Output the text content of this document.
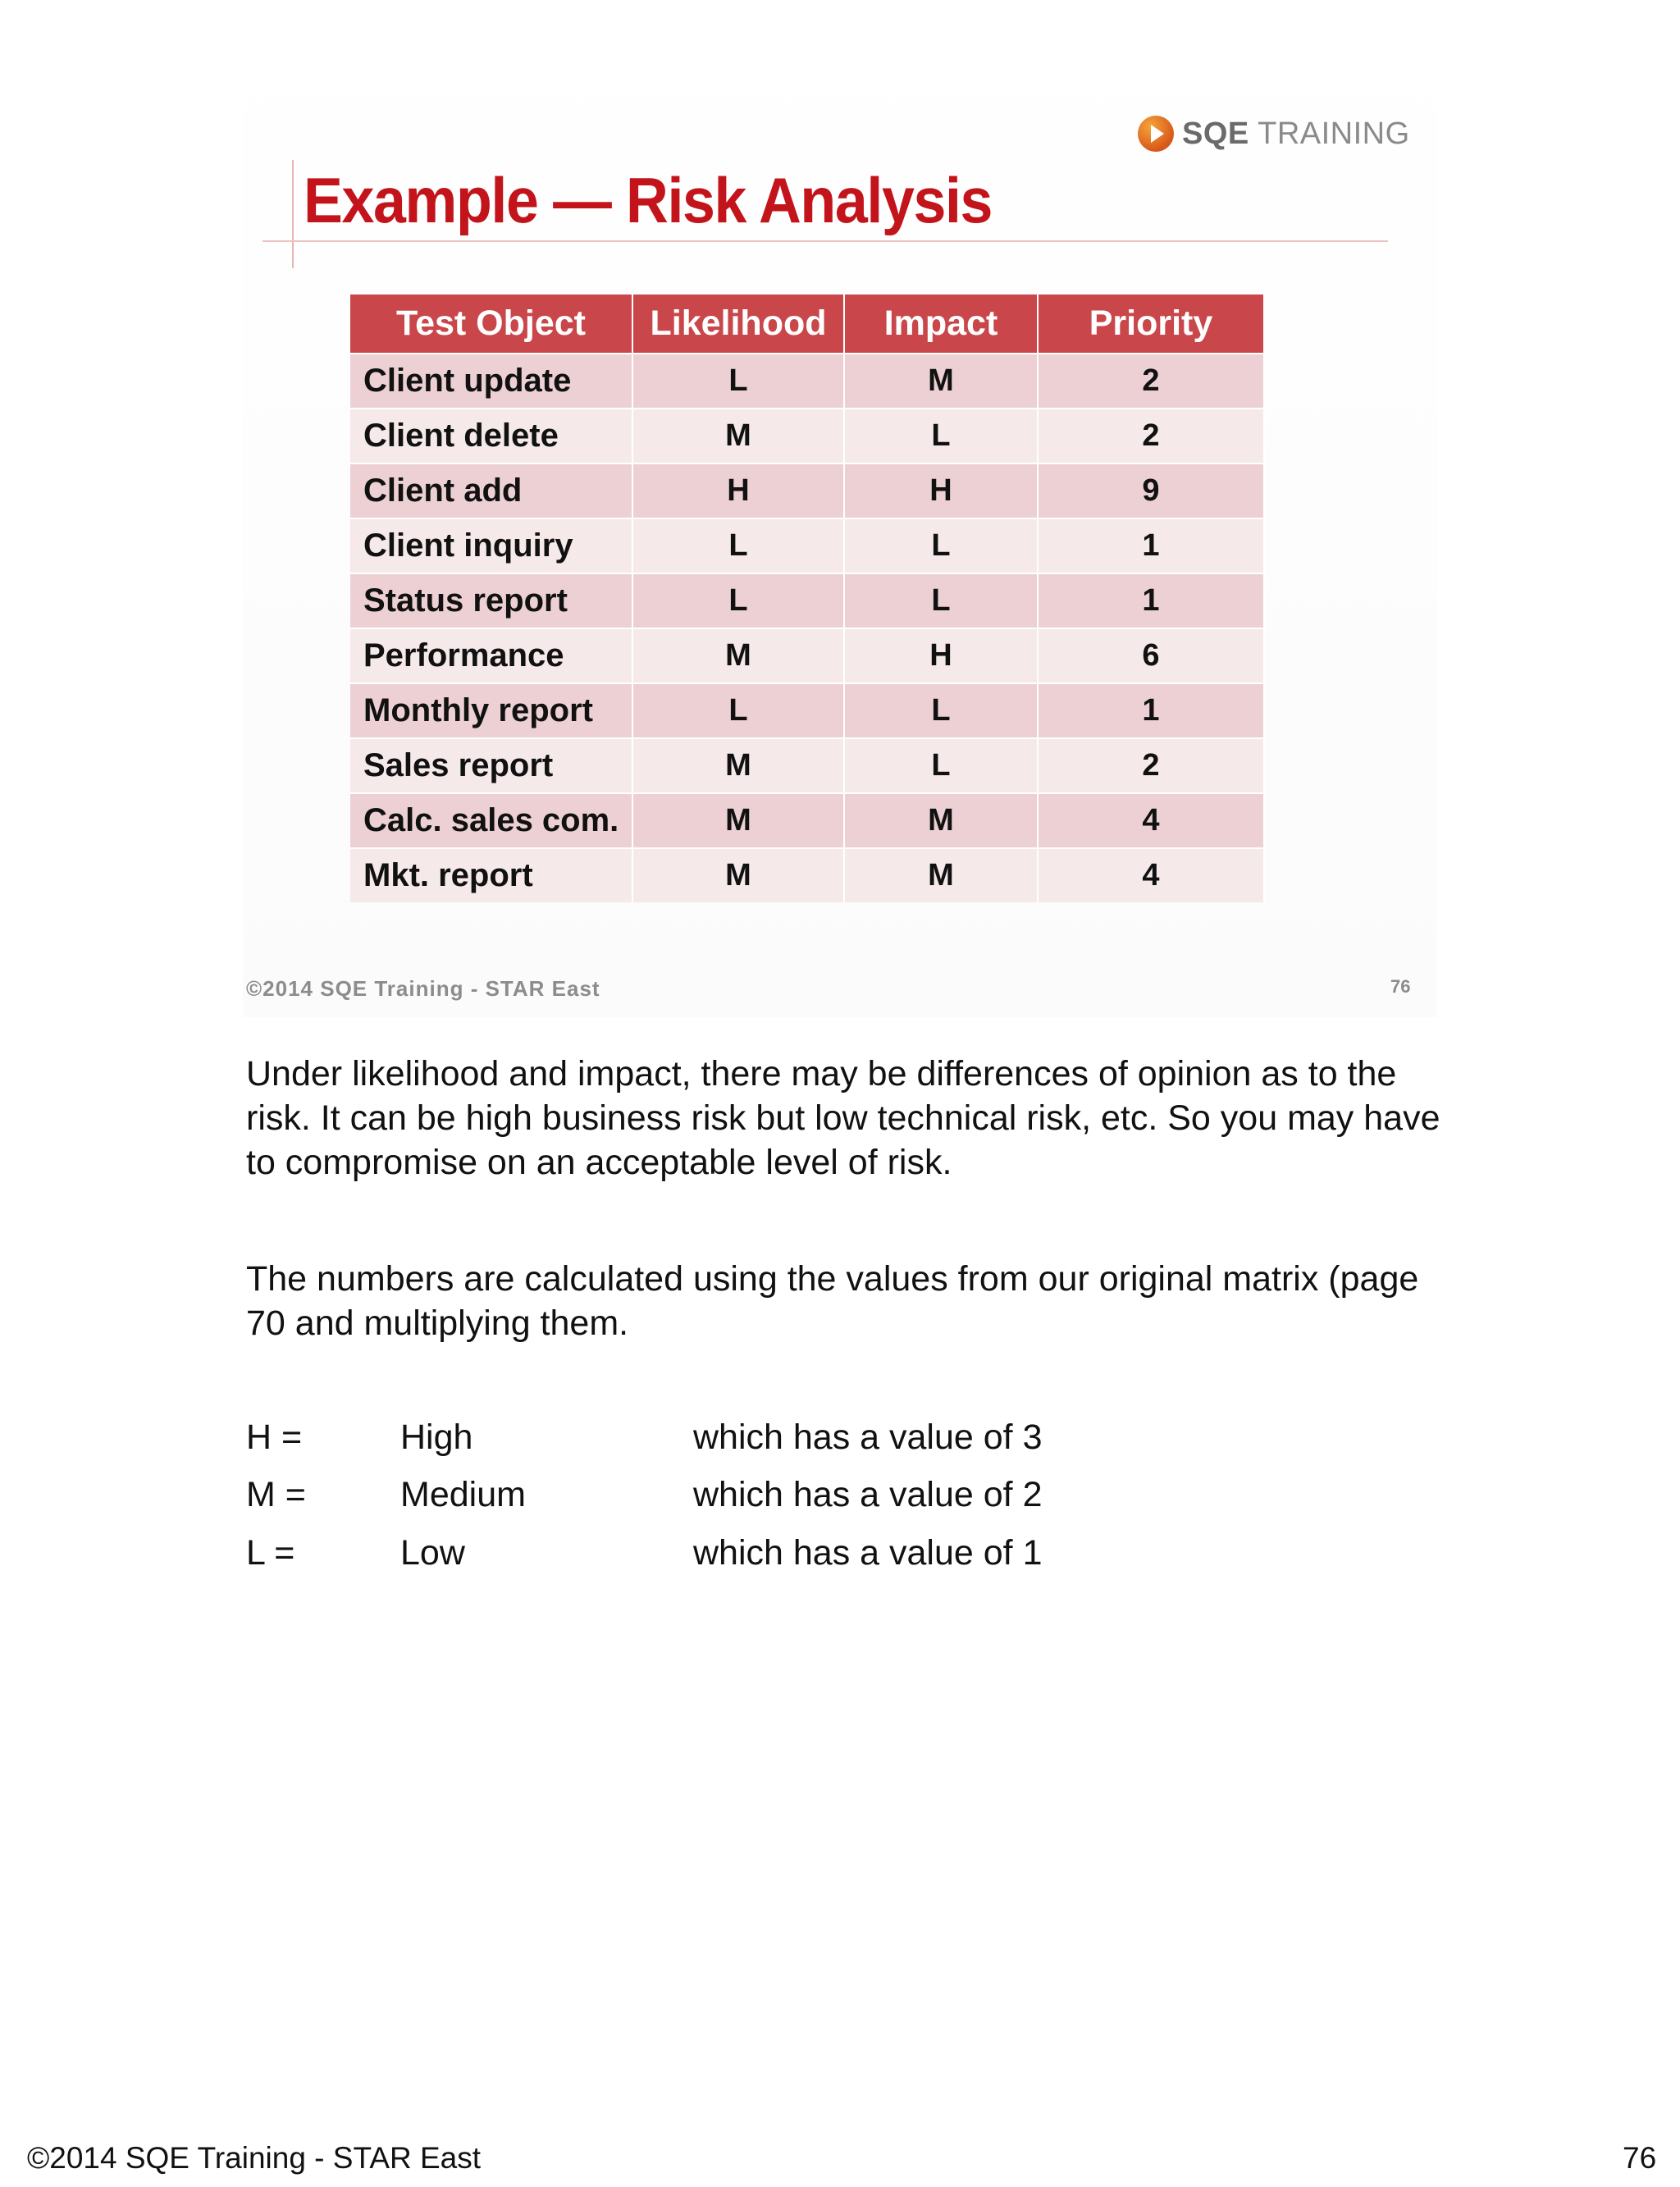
SQE TRAINING
Example — Risk Analysis
Test Object	Likelihood	Impact	Priority
Client update	L	M	2
Client delete	M	L	2
Client add	H	H	9
Client inquiry	L	L	1
Status report	L	L	1
Performance	M	H	6
Monthly report	L	L	1
Sales report	M	L	2
Calc. sales com.	M	M	4
Mkt. report	M	M	4
©2014 SQE Training - STAR East	76
Under likelihood and impact, there may be differences of opinion as to the risk. It can be high business risk but low technical risk, etc. So you may have to compromise on an acceptable level of risk.
The numbers are calculated using the values from our original matrix (page 70 and multiplying them.
H =	High	which has a value of 3
M =	Medium	which has a value of 2
L =	Low	which has a value of 1
©2014 SQE Training - STAR East	76
